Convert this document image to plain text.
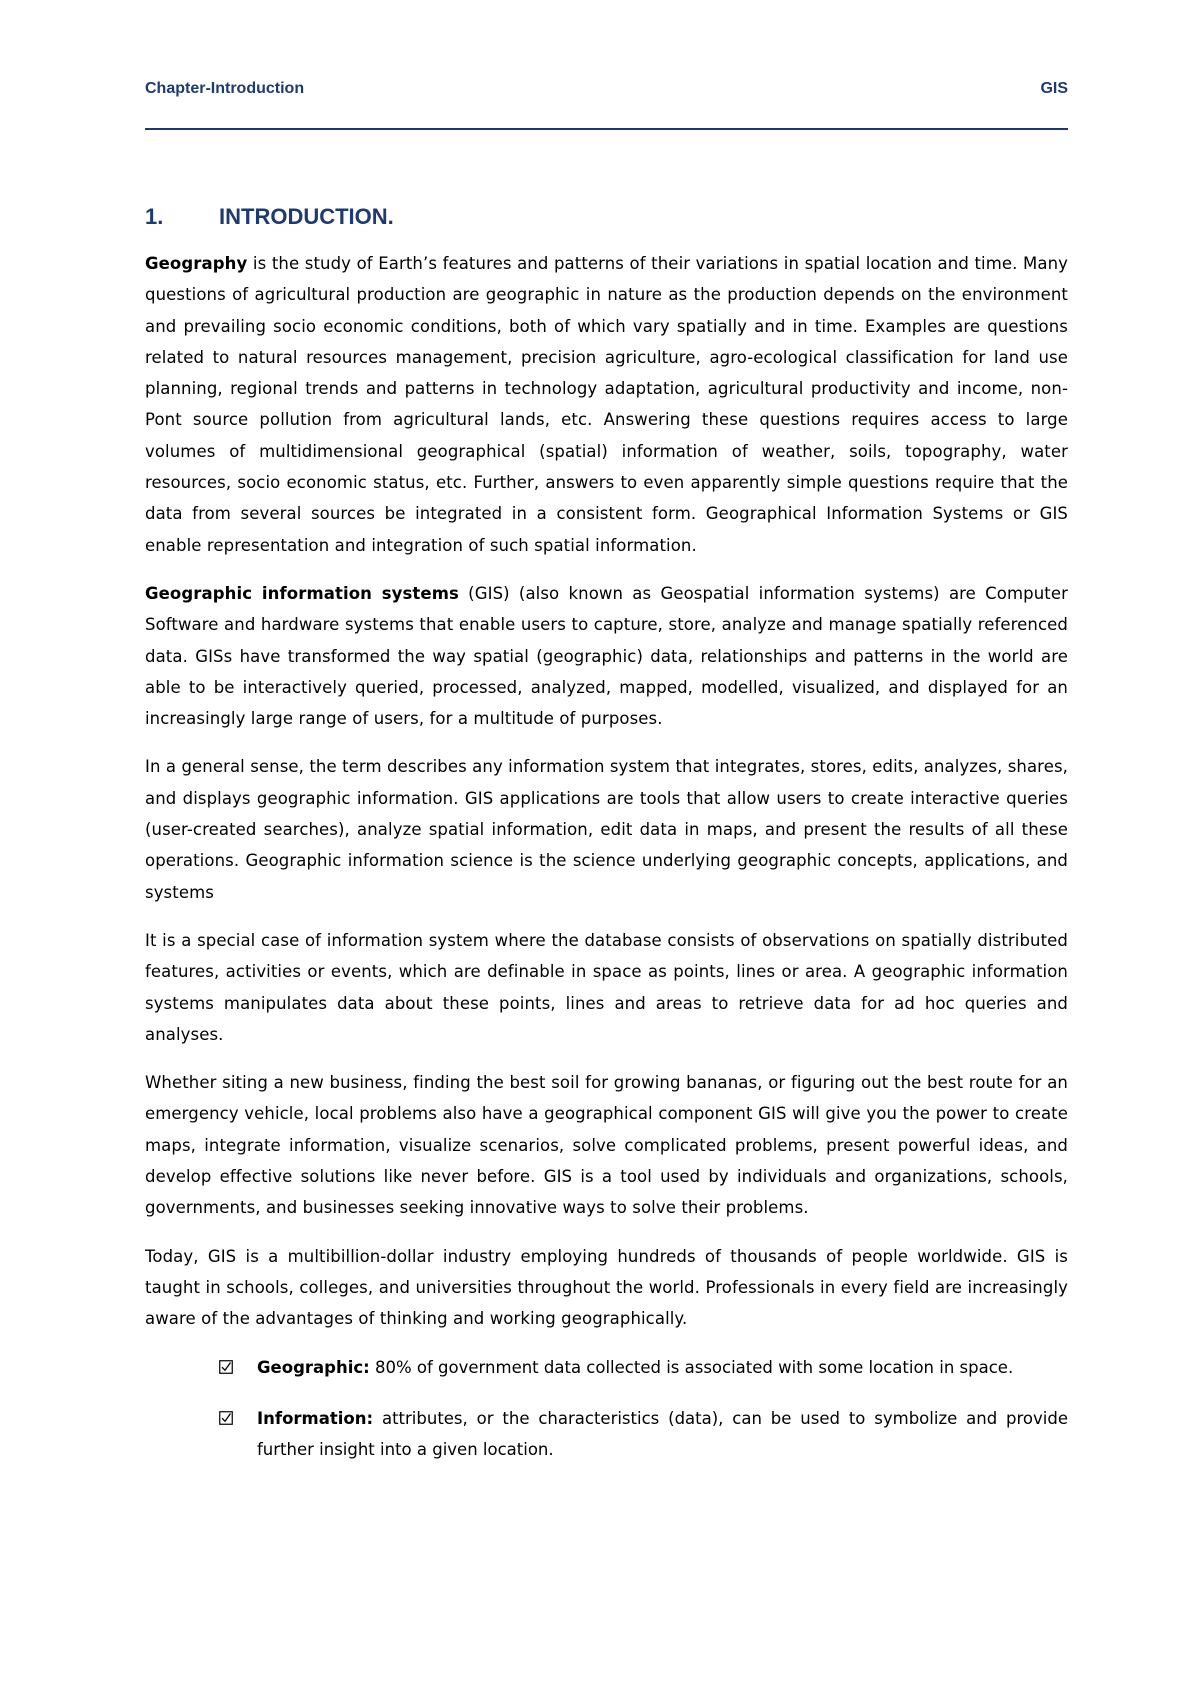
Chapter-Introduction	GIS
1.	INTRODUCTION.

Geography is the study of Earth’s features and patterns of their variations in spatial location and time. Many questions of agricultural production are geographic in nature as the production depends on the environment and prevailing socio economic conditions, both of which vary spatially and in time. Examples are questions related to natural resources management, precision agriculture, agro-ecological classification for land use planning, regional trends and patterns in technology adaptation, agricultural productivity and income, non-Pont source pollution from agricultural lands, etc. Answering these questions requires access to large volumes of multidimensional geographical (spatial) information of weather, soils, topography, water resources, socio economic status, etc. Further, answers to even apparently simple questions require that the data from several sources be integrated in a consistent form. Geographical Information Systems or GIS enable representation and integration of such spatial information.

Geographic information systems (GIS) (also known as Geospatial information systems) are Computer Software and hardware systems that enable users to capture, store, analyze and manage spatially referenced data. GISs have transformed the way spatial (geographic) data, relationships and patterns in the world are able to be interactively queried, processed, analyzed, mapped, modelled, visualized, and displayed for an increasingly large range of users, for a multitude of purposes.

In a general sense, the term describes any information system that integrates, stores, edits, analyzes, shares, and displays geographic information. GIS applications are tools that allow users to create interactive queries (user-created searches), analyze spatial information, edit data in maps, and present the results of all these operations. Geographic information science is the science underlying geographic concepts, applications, and systems

It is a special case of information system where the database consists of observations on spatially distributed features, activities or events, which are definable in space as points, lines or area. A geographic information systems manipulates data about these points, lines and areas to retrieve data for ad hoc queries and analyses.

Whether siting a new business, finding the best soil for growing bananas, or figuring out the best route for an emergency vehicle, local problems also have a geographical component GIS will give you the power to create maps, integrate information, visualize scenarios, solve complicated problems, present powerful ideas, and develop effective solutions like never before. GIS is a tool used by individuals and organizations, schools, governments, and businesses seeking innovative ways to solve their problems.

Today, GIS is a multibillion-dollar industry employing hundreds of thousands of people worldwide. GIS is taught in schools, colleges, and universities throughout the world. Professionals in every field are increasingly aware of the advantages of thinking and working geographically.

Geographic: 80% of government data collected is associated with some location in space.
Information: attributes, or the characteristics (data), can be used to symbolize and provide further insight into a given location.
